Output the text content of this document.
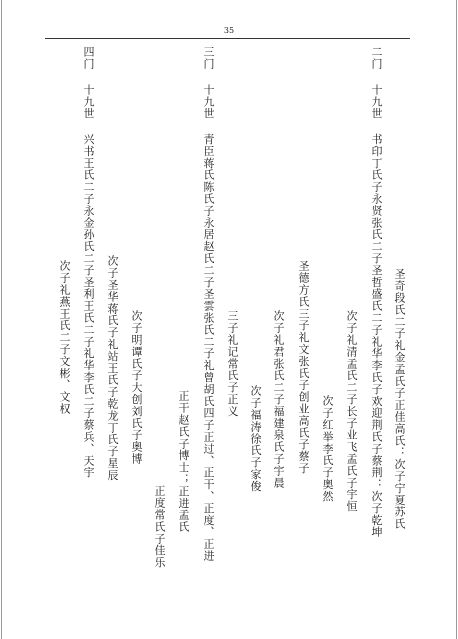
35
圣奇段氏二子礼金孟氏子正佳高氏：次子宁夏苏氏
二门 十九世 书印丁氏子永贤张氏二子圣哲盛氏二子礼华李氏子欢迎荆氏子蔡荆：次子乾坤
次子礼清孟氏二子长子业飞孟氏子宇恒
次子红举李氏子奥然
圣德方氏三子礼文张氏子创业高氏子蔡子
次子礼君张氏二子福建泉氏子宇晨
次子福涛徐氏子家俊
三子礼记常氏子正义
三门 十九世 青臣蒋氏陈氏子永居赵氏二子圣雲张氏二子礼曾胡氏四子正过、正干、正度、正进
正干赵氏子博士；正进孟氏
正度常氏子佳乐
次子明谭氏子大创刘氏子奥博
次子圣华蒋氏子礼站王氏子乾龙丁氏子星辰
四门 十九世 兴书王氏二子永金孙氏二子圣利王氏二子礼华李氏二子蔡兵、天宇
次子礼燕王氏二子文彬、文权
